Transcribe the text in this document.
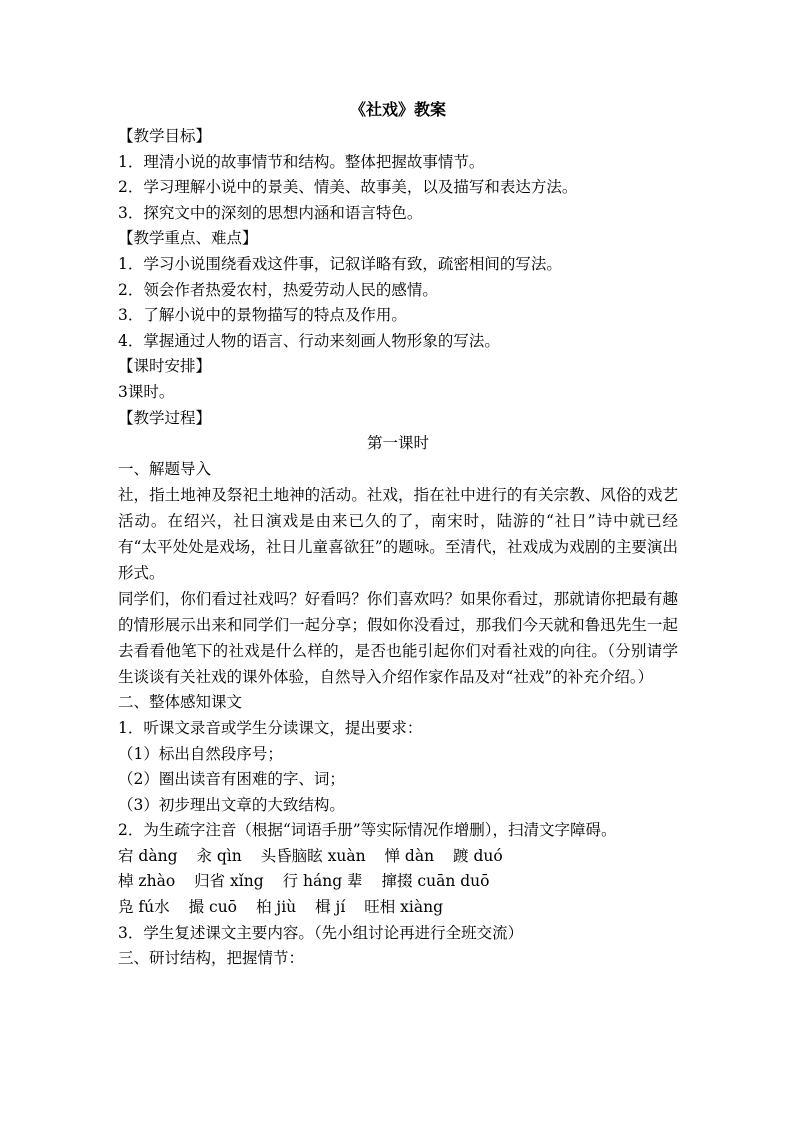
《社戏》教案
【教学目标】
1．理清小说的故事情节和结构。整体把握故事情节。
2．学习理解小说中的景美、情美、故事美，以及描写和表达方法。
3．探究文中的深刻的思想内涵和语言特色。
【教学重点、难点】
1．学习小说围绕看戏这件事，记叙详略有致，疏密相间的写法。
2．领会作者热爱农村，热爱劳动人民的感情。
3．了解小说中的景物描写的特点及作用。
4．掌握通过人物的语言、行动来刻画人物形象的写法。
【课时安排】
3课时。
【教学过程】
第一课时
一、解题导入
社，指土地神及祭祀土地神的活动。社戏，指在社中进行的有关宗教、风俗的戏艺活动。在绍兴，社日演戏是由来已久的了，南宋时，陆游的“社日”诗中就已经有“太平处处是戏场，社日儿童喜欲狂”的题咏。至清代，社戏成为戏剧的主要演出形式。
同学们，你们看过社戏吗？好看吗？你们喜欢吗？如果你看过，那就请你把最有趣的情形展示出来和同学们一起分享；假如你没看过，那我们今天就和鲁迅先生一起去看看他笔下的社戏是什么样的，是否也能引起你们对看社戏的向往。（分别请学生谈谈有关社戏的课外体验，自然导入介绍作家作品及对“社戏”的补充介绍。）
二、整体感知课文
1．听课文录音或学生分读课文，提出要求：
（1）标出自然段序号；
（2）圈出读音有困难的字、词；
（3）初步理出文章的大致结构。
2．为生疏字注音（根据“词语手册”等实际情况作增删），扫清文字障碍。
宕 dàng 汆 qìn 头昏脑眩 xuàn 惮 dàn 踱 duó
棹 zhào 归省 xǐng 行 háng 辈 撺掇 cuān duō
凫 fú水 撮 cuō 桕 jiù 楫 jí 旺相 xiàng
3．学生复述课文主要内容。（先小组讨论再进行全班交流）
三、研讨结构，把握情节：
